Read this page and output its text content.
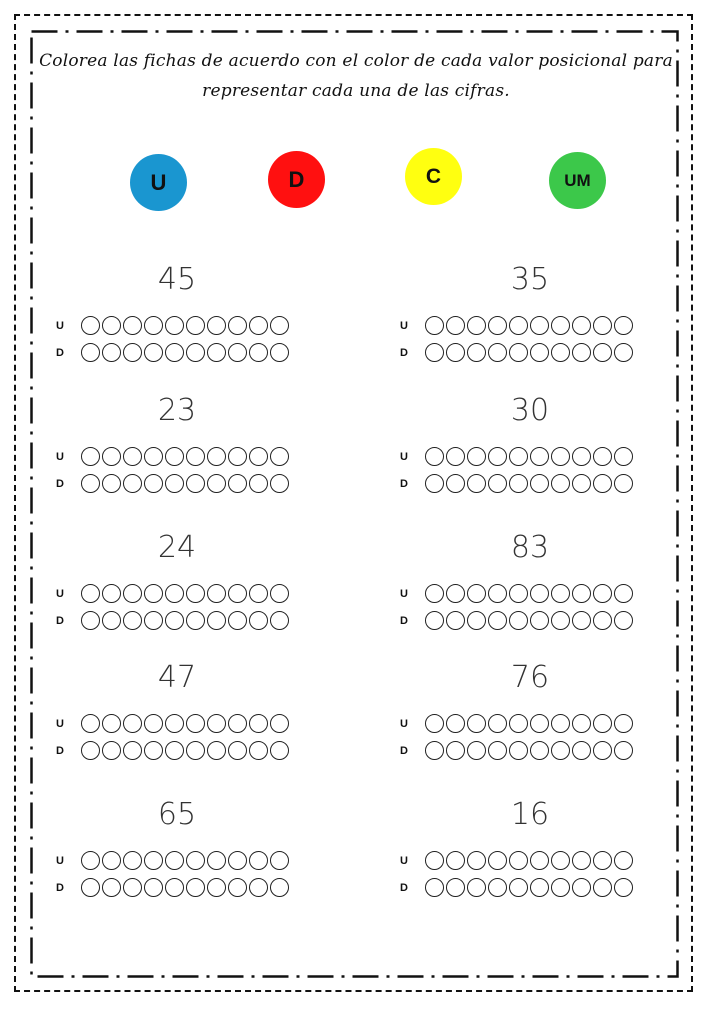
Colorea las fichas de acuerdo con el color de cada valor posicional para
representar cada una de las cifras.
U	D	C	UM
45
U
D
35
U
D
23
U
D
30
U
D
24
U
D
83
U
D
47
U
D
76
U
D
65
U
D
16
U
D
